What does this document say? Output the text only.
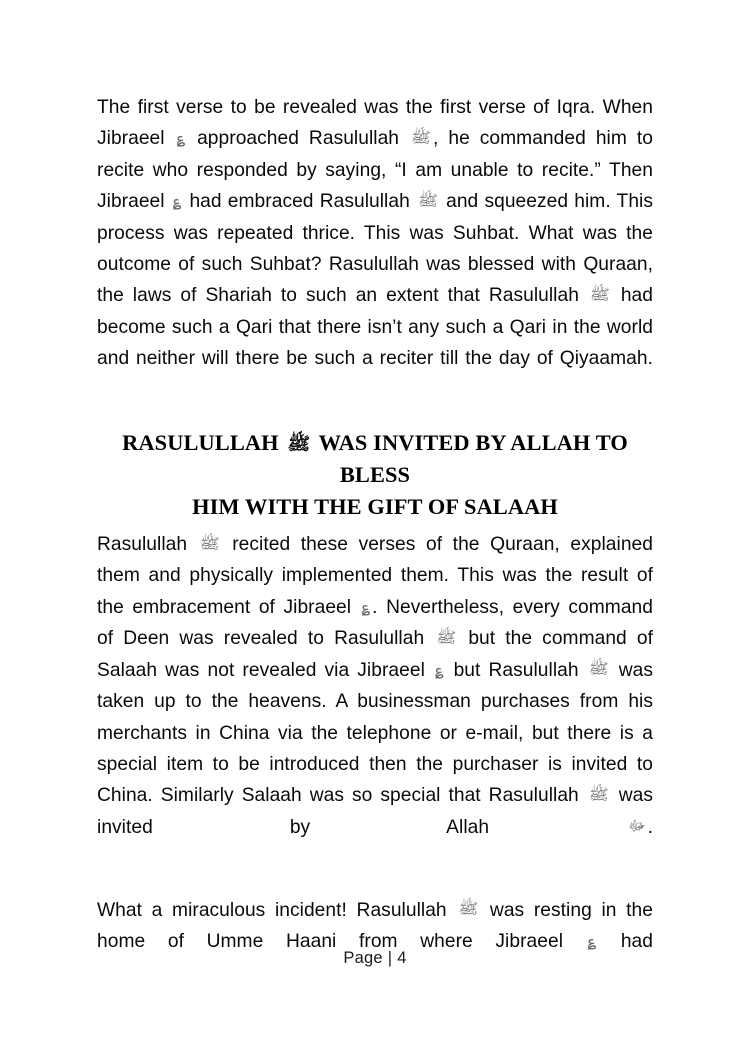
The first verse to be revealed was the first verse of Iqra. When Jibraeel ؏ approached Rasulullah ﷺ , he commanded him to recite who responded by saying, “I am unable to recite.” Then Jibraeel ؏ had embraced Rasulullah ﷺ and squeezed him. This process was repeated thrice. This was Suhbat. What was the outcome of such Suhbat? Rasulullah was blessed with Quraan, the laws of Shariah to such an extent that Rasulullah ﷺ had become such a Qari that there isn’t any such a Qari in the world and neither will there be such a reciter till the day of Qiyaamah.

RASULULLAH ﷺ WAS INVITED BY ALLAH TO BLESS
HIM WITH THE GIFT OF SALAAH

Rasulullah ﷺ recited these verses of the Quraan, explained them and physically implemented them. This was the result of the embracement of Jibraeel ؏ . Nevertheless, every command of Deen was revealed to Rasulullah ﷺ but the command of Salaah was not revealed via Jibraeel ؏ but Rasulullah ﷺ was taken up to the heavens. A businessman purchases from his merchants in China via the telephone or e-mail, but there is a special item to be introduced then the purchaser is invited to China. Similarly Salaah was so special that Rasulullah ﷺ was invited by Allah ﷻ .

What a miraculous incident! Rasulullah ﷺ was resting in the home of Umme Haani from where Jibraeel ؏ had

Page | 4
